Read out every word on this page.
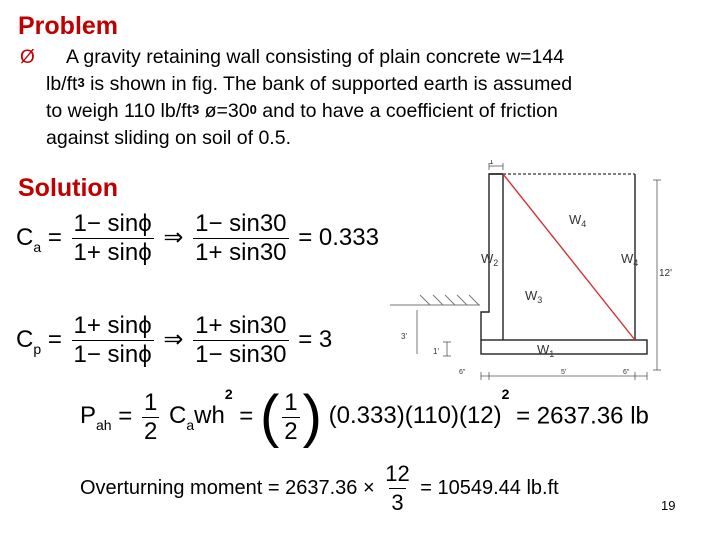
Problem
Ø	A gravity retaining wall consisting of plain concrete w=144
$lb/ft^3$ is shown in fig. The bank of supported earth is assumed
to weigh 110 $lb/ft^3$ $ø=30^0$ and to have a coefficient of friction
against sliding on soil of 0.5.
Solution
$C_a = \frac{1- \sin\phi}{1+ \sin\phi}$ ⇒ $\frac{1- \sin 30}{1+ \sin 30} = 0.333$
$C_p = \frac{1+ \sin\phi}{1- \sin\phi}$ ⇒ $\frac{1+ \sin 30}{1- \sin 30} = 3$
$P_{ah} = \frac{1}{2} C_awh^2$ = ( $\frac{1}{2}$ ) $(0.333)(110)(12)^2 = 2637.36$ lb
Overturning moment = $2637.36 \times \frac{12}{3} = 10549.44$ lb.ft
1'
12'
3'
1'
6"	5'	6"
$W_4$
$W_2$	$W_4$
$W_3$
$W_1$
19
